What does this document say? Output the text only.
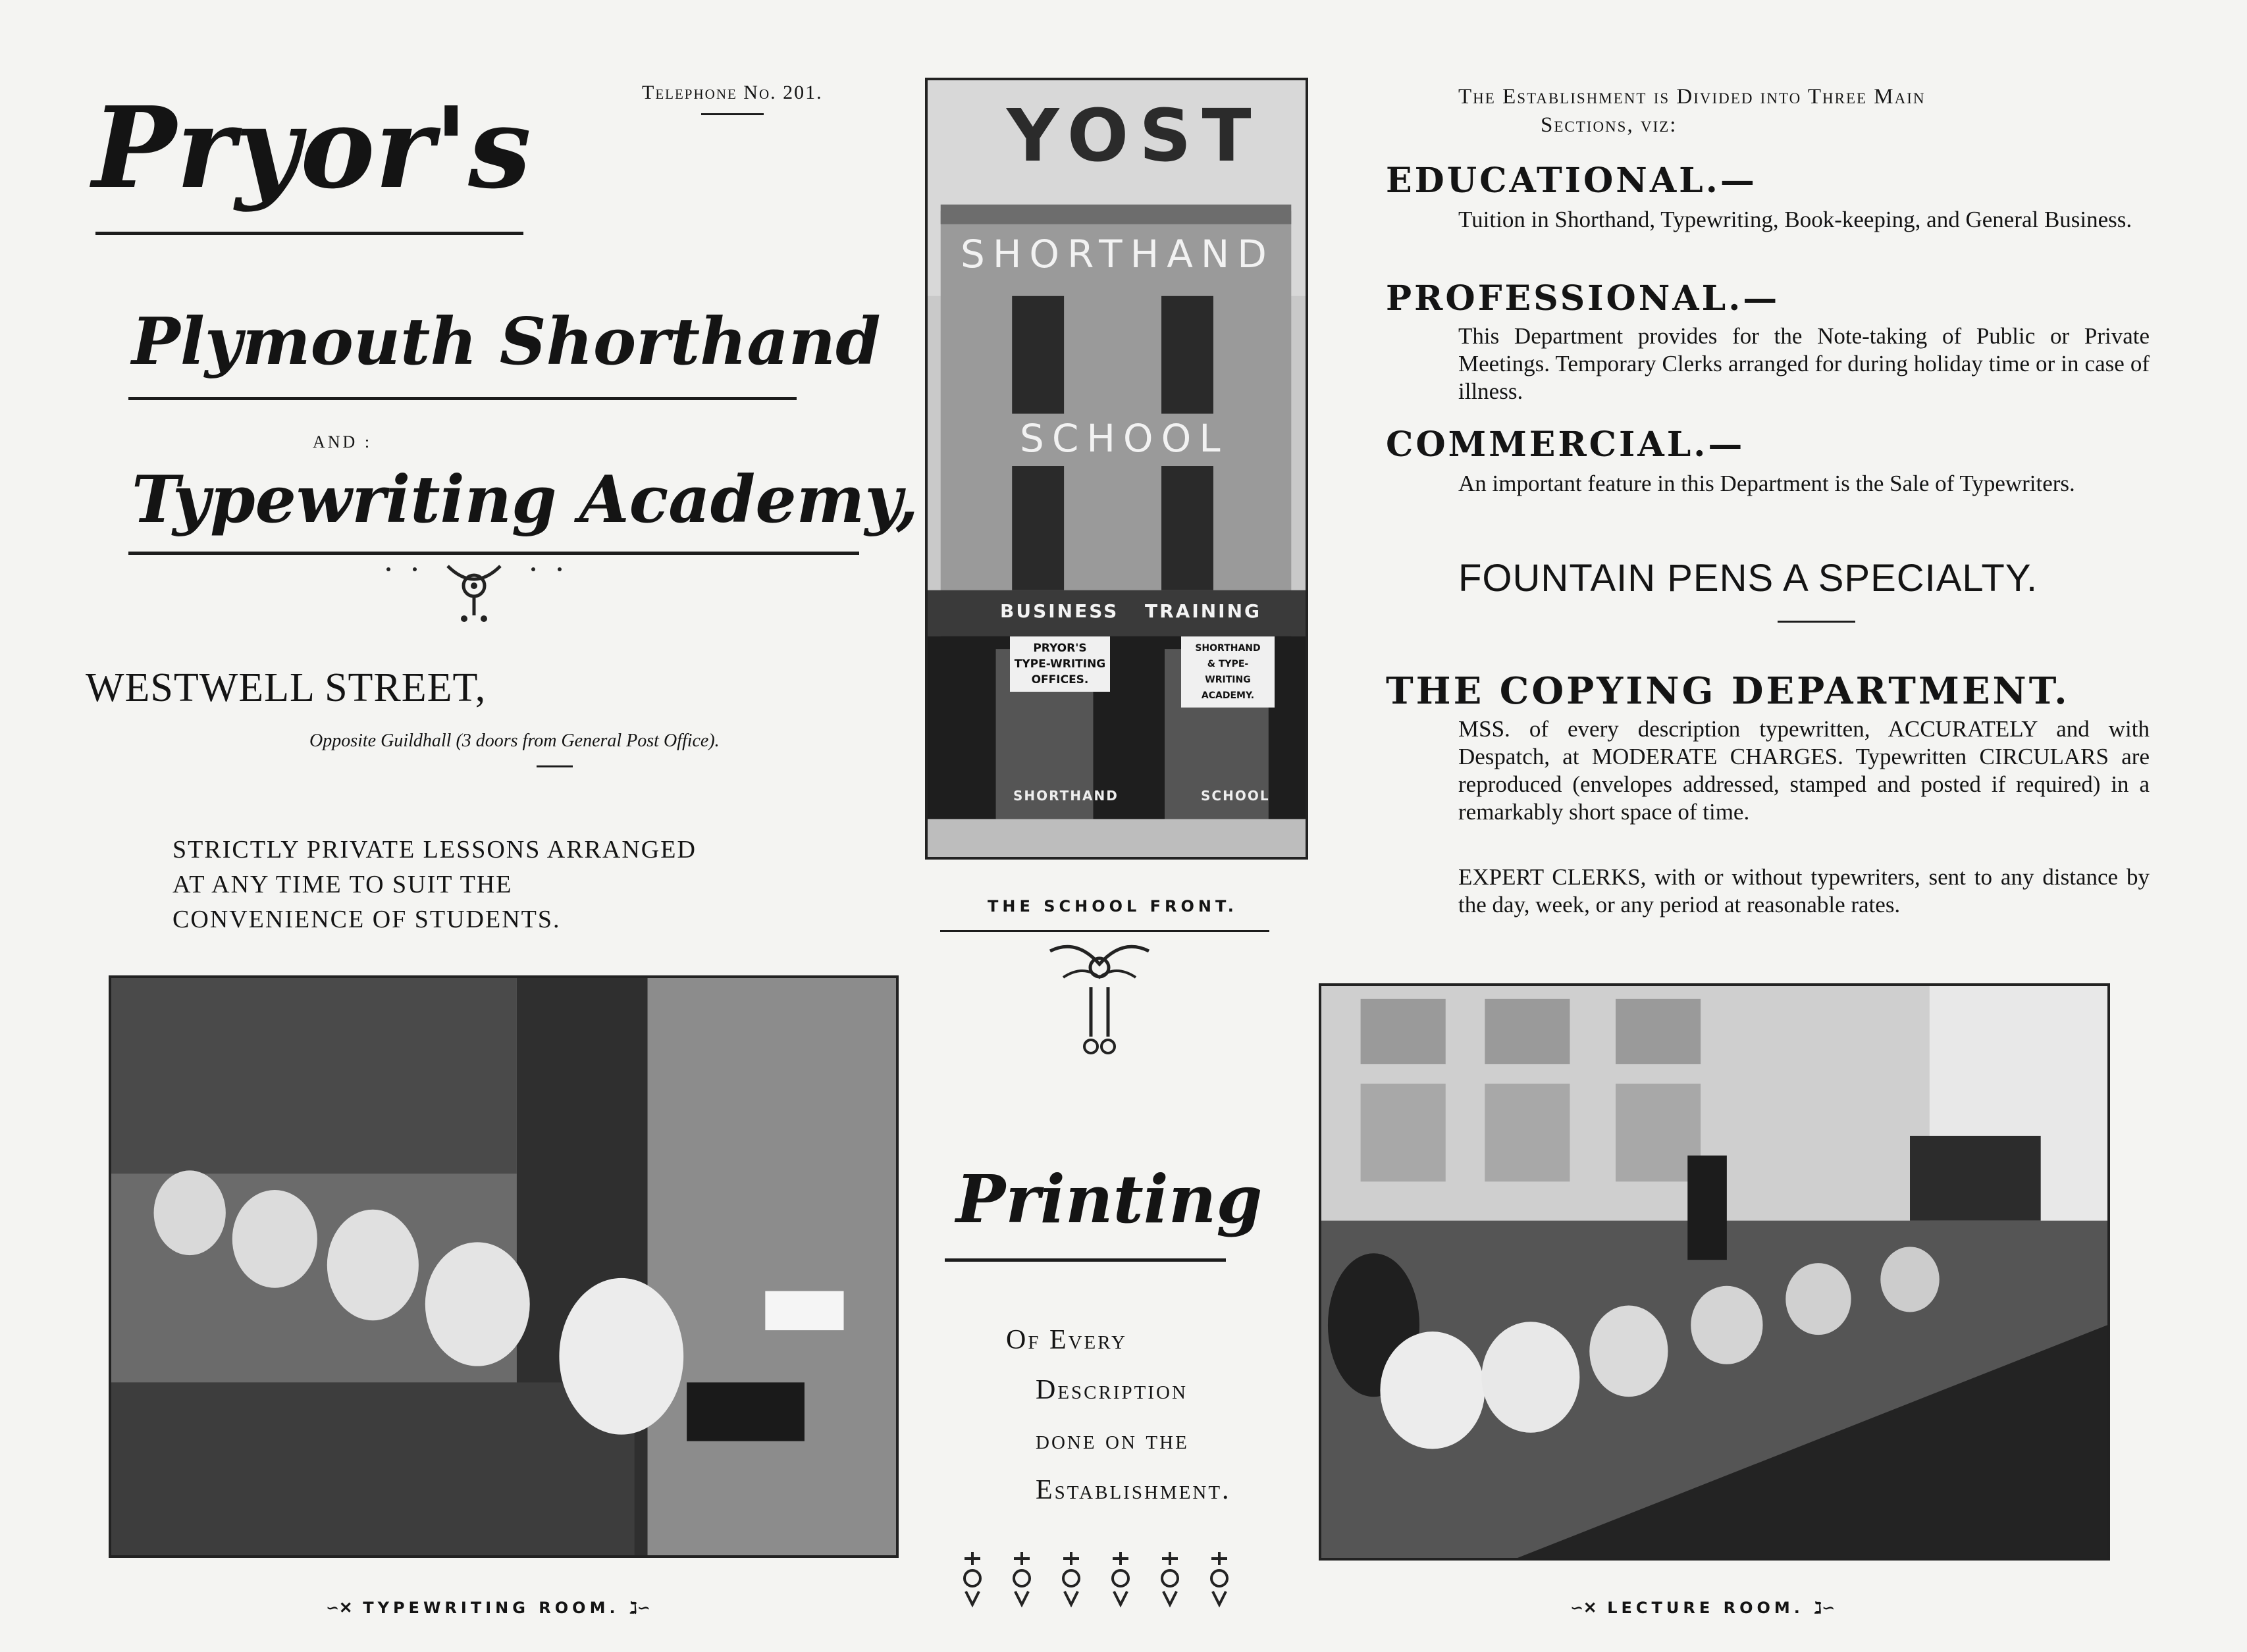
Telephone No. 201.
Pryor's
Plymouth Shorthand
AND :
Typewriting Academy,
WESTWELL STREET,
Opposite Guildhall (3 doors from General Post Office).
STRICTLY PRIVATE LESSONS ARRANGED
AT ANY TIME TO SUIT THE
CONVENIENCE OF STUDENTS.
YOST
SHORTHAND
SCHOOL
BUSINESS TRAINING
PRYOR'S
TYPE-WRITING
OFFICES.
SHORTHAND
& TYPE-WRITING
ACADEMY.
SHORTHAND	SCHOOL
THE SCHOOL FRONT.
The Establishment is Divided into Three Main
Sections, viz:
EDUCATIONAL.—
Tuition in Shorthand, Typewriting, Book-keeping, and General Business.
PROFESSIONAL.—
This Department provides for the Note-taking of Public or Private Meetings. Temporary Clerks arranged for during holiday time or in case of illness.
COMMERCIAL.—
An important feature in this Department is the Sale of Typewriters.
FOUNTAIN PENS A SPECIALTY.
THE COPYING DEPARTMENT.
MSS. of every description typewritten, ACCURATELY and with Despatch, at MODERATE CHARGES. Typewritten CIRCULARS are reproduced (envelopes addressed, stamped and posted if required) in a remarkably short space of time.
EXPERT CLERKS, with or without typewriters, sent to any distance by the day, week, or any period at reasonable rates.
∽✕ TYPEWRITING ROOM. ℷ∽
Printing
Of Every
Description
done on the
Establishment.
∽✕ LECTURE ROOM. ℷ∽
